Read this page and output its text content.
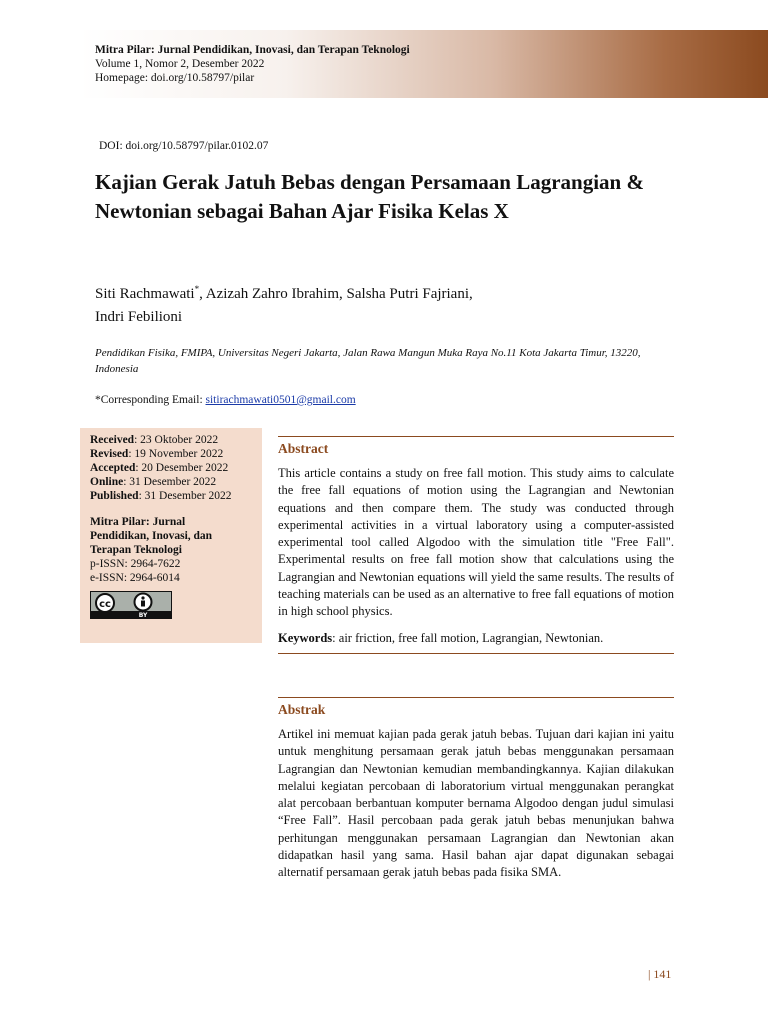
Mitra Pilar: Jurnal Pendidikan, Inovasi, dan Terapan Teknologi
Volume 1, Nomor 2, Desember 2022
Homepage: doi.org/10.58797/pilar
DOI: doi.org/10.58797/pilar.0102.07
Kajian Gerak Jatuh Bebas dengan Persamaan Lagrangian & Newtonian sebagai Bahan Ajar Fisika Kelas X
Siti Rachmawati*, Azizah Zahro Ibrahim, Salsha Putri Fajriani,
Indri Febilioni
Pendidikan Fisika, FMIPA, Universitas Negeri Jakarta, Jalan Rawa Mangun Muka Raya No.11 Kota Jakarta Timur, 13220, Indonesia
*Corresponding Email: sitirachmawati0501@gmail.com
Received: 23 Oktober 2022
Revised: 19 November 2022
Accepted: 20 Desember 2022
Online: 31 Desember 2022
Published: 31 Desember 2022
Mitra Pilar: Jurnal
Pendidikan, Inovasi, dan
Terapan Teknologi
p-ISSN: 2964-7622
e-ISSN: 2964-6014
cc
BY
Abstract

This article contains a study on free fall motion. This study aims to calculate the free fall equations of motion using the Lagrangian and Newtonian equations and then compare them. The study was conducted through experimental activities in a virtual laboratory using a computer-assisted experimental tool called Algodoo with the simulation title "Free Fall". Experimental results on free fall motion show that calculations using the Lagrangian and Newtonian equations will yield the same results. The results of teaching materials can be used as an alternative to free fall equations of motion in high school physics.

Keywords: air friction, free fall motion, Lagrangian, Newtonian.
Abstrak

Artikel ini memuat kajian pada gerak jatuh bebas. Tujuan dari kajian ini yaitu untuk menghitung persamaan gerak jatuh bebas menggunakan persamaan Lagrangian dan Newtonian kemudian membandingkannya. Kajian dilakukan melalui kegiatan percobaan di laboratorium virtual menggunakan perangkat alat percobaan berbantuan komputer bernama Algodoo dengan judul simulasi “Free Fall”. Hasil percobaan pada gerak jatuh bebas menunjukan bahwa perhitungan menggunakan persamaan Lagrangian dan Newtonian akan didapatkan hasil yang sama. Hasil bahan ajar dapat digunakan sebagai alternatif persamaan gerak jatuh bebas pada fisika SMA.

| 141
